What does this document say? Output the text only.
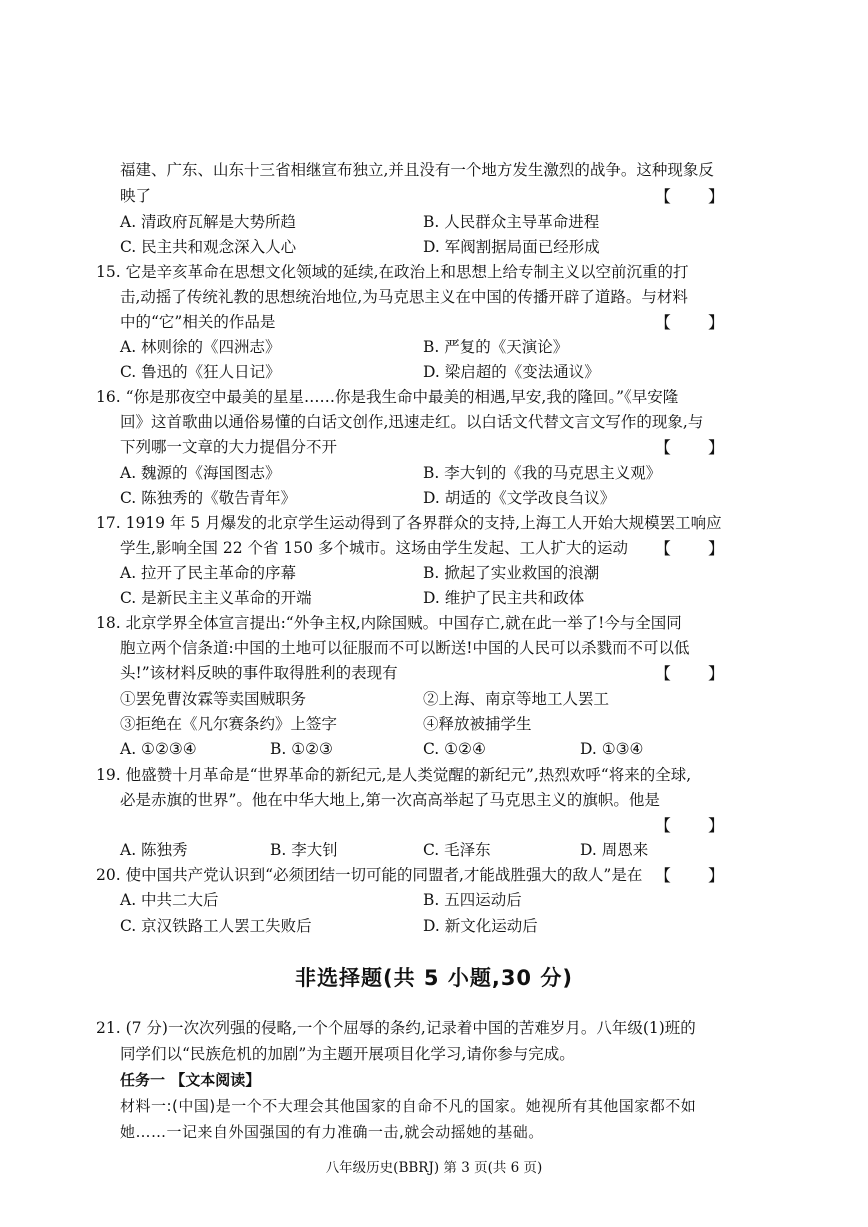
福建、广东、山东十三省相继宣布独立,并且没有一个地方发生激烈的战争。这种现象反
映了	【 】
A. 清政府瓦解是大势所趋	B. 人民群众主导革命进程
C. 民主共和观念深入人心	D. 军阀割据局面已经形成
15. 它是辛亥革命在思想文化领域的延续,在政治上和思想上给专制主义以空前沉重的打
击,动摇了传统礼教的思想统治地位,为马克思主义在中国的传播开辟了道路。与材料
中的“它”相关的作品是	【 】
A. 林则徐的《四洲志》	B. 严复的《天演论》
C. 鲁迅的《狂人日记》	D. 梁启超的《变法通议》
16. “你是那夜空中最美的星星……你是我生命中最美的相遇,早安,我的隆回。”《早安隆
回》这首歌曲以通俗易懂的白话文创作,迅速走红。以白话文代替文言文写作的现象,与
下列哪一文章的大力提倡分不开	【 】
A. 魏源的《海国图志》	B. 李大钊的《我的马克思主义观》
C. 陈独秀的《敬告青年》	D. 胡适的《文学改良刍议》
17. 1919 年 5 月爆发的北京学生运动得到了各界群众的支持,上海工人开始大规模罢工响应
学生,影响全国 22 个省 150 多个城市。这场由学生发起、工人扩大的运动	【 】
A. 拉开了民主革命的序幕	B. 掀起了实业救国的浪潮
C. 是新民主主义革命的开端	D. 维护了民主共和政体
18. 北京学界全体宣言提出:“外争主权,内除国贼。中国存亡,就在此一举了!今与全国同
胞立两个信条道:中国的土地可以征服而不可以断送!中国的人民可以杀戮而不可以低
头!”该材料反映的事件取得胜利的表现有	【 】
①罢免曹汝霖等卖国贼职务	②上海、南京等地工人罢工
③拒绝在《凡尔赛条约》上签字	④释放被捕学生
A. ①②③④	B. ①②③	C. ①②④	D. ①③④
19. 他盛赞十月革命是“世界革命的新纪元,是人类觉醒的新纪元”,热烈欢呼“将来的全球,
必是赤旗的世界”。他在中华大地上,第一次高高举起了马克思主义的旗帜。他是
【 】
A. 陈独秀	B. 李大钊	C. 毛泽东	D. 周恩来
20. 使中国共产党认识到“必须团结一切可能的同盟者,才能战胜强大的敌人”是在 【 】
A. 中共二大后	B. 五四运动后
C. 京汉铁路工人罢工失败后	D. 新文化运动后
非选择题(共 5 小题,30 分)
21. (7 分)一次次列强的侵略,一个个屈辱的条约,记录着中国的苦难岁月。八年级(1)班的
同学们以“民族危机的加剧”为主题开展项目化学习,请你参与完成。
任务一 【文本阅读】
材料一:(中国)是一个不大理会其他国家的自命不凡的国家。她视所有其他国家都不如
她……一记来自外国强国的有力准确一击,就会动摇她的基础。
八年级历史(BBRJ) 第 3 页(共 6 页)
